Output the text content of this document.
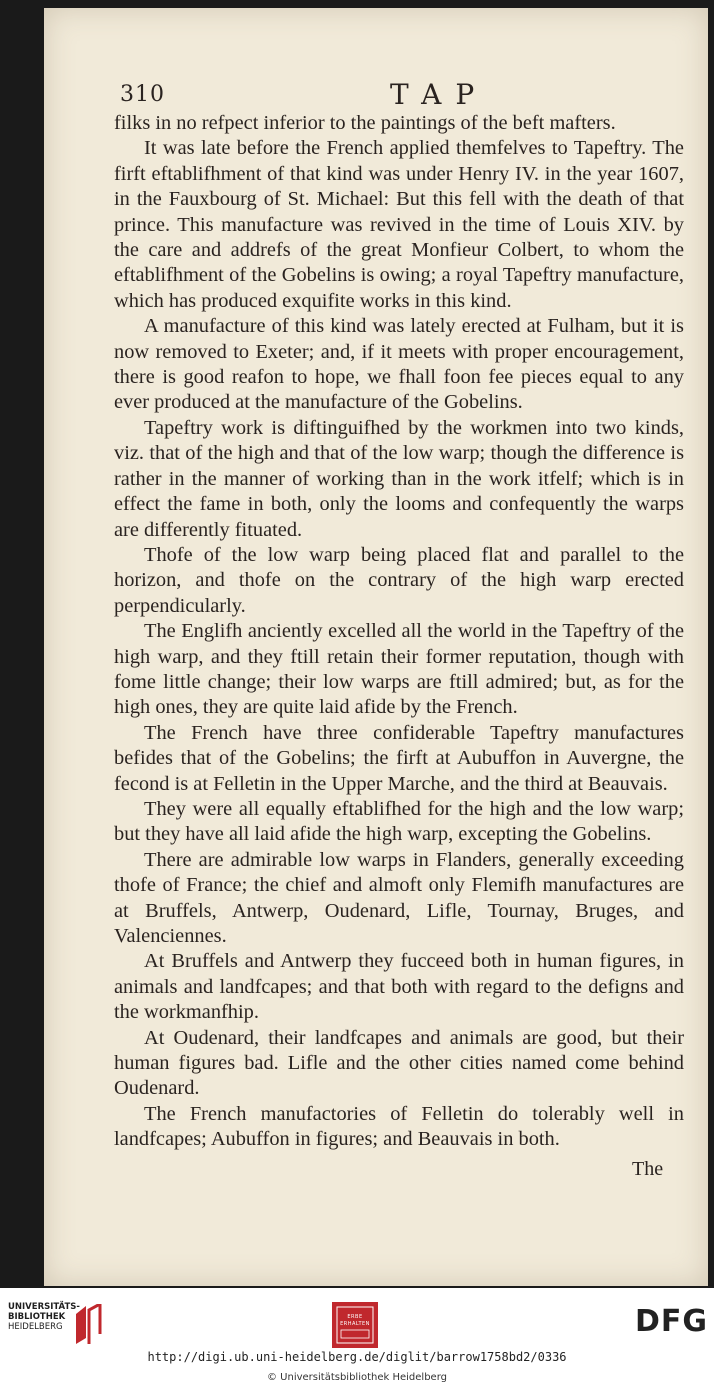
310	TAP

filks in no refpect inferior to the paintings of the beft mafters.

It was late before the French applied themfelves to Tapeftry. The firft eftablifhment of that kind was under Henry IV. in the year 1607, in the Fauxbourg of St. Michael: But this fell with the death of that prince. This manufacture was revived in the time of Louis XIV. by the care and addrefs of the great Monfieur Colbert, to whom the eftablifhment of the Gobelins is owing; a royal Tapeftry manufacture, which has produced exquifite works in this kind.

A manufacture of this kind was lately erected at Fulham, but it is now removed to Exeter; and, if it meets with proper encouragement, there is good reafon to hope, we fhall foon fee pieces equal to any ever produced at the manufacture of the Gobelins.

Tapeftry work is diftinguifhed by the workmen into two kinds, viz. that of the high and that of the low warp; though the difference is rather in the manner of working than in the work itfelf; which is in effect the fame in both, only the looms and confequently the warps are differently fituated.

Thofe of the low warp being placed flat and parallel to the horizon, and thofe on the contrary of the high warp erected perpendicularly.

The Englifh anciently excelled all the world in the Tapeftry of the high warp, and they ftill retain their former reputation, though with fome little change; their low warps are ftill admired; but, as for the high ones, they are quite laid afide by the French.

The French have three confiderable Tapeftry manufactures befides that of the Gobelins; the firft at Aubuffon in Auvergne, the fecond is at Felletin in the Upper Marche, and the third at Beauvais.

They were all equally eftablifhed for the high and the low warp; but they have all laid afide the high warp, excepting the Gobelins.

There are admirable low warps in Flanders, generally exceeding thofe of France; the chief and almoft only Flemifh manufactures are at Bruffels, Antwerp, Oudenard, Lifle, Tournay, Bruges, and Valenciennes.

At Bruffels and Antwerp they fucceed both in human figures, in animals and landfcapes; and that both with regard to the defigns and the workmanfhip.

At Oudenard, their landfcapes and animals are good, but their human figures bad. Lifle and the other cities named come behind Oudenard.

The French manufactories of Felletin do tolerably well in landfcapes; Aubuffon in figures; and Beauvais in both.

The
UNIVERSITÄTS-
BIBLIOTHEK
HEIDELBERG
ERBE
ERHALTEN	DFG
http://digi.ub.uni-heidelberg.de/diglit/barrow1758bd2/0336
© Universitätsbibliothek Heidelberg
